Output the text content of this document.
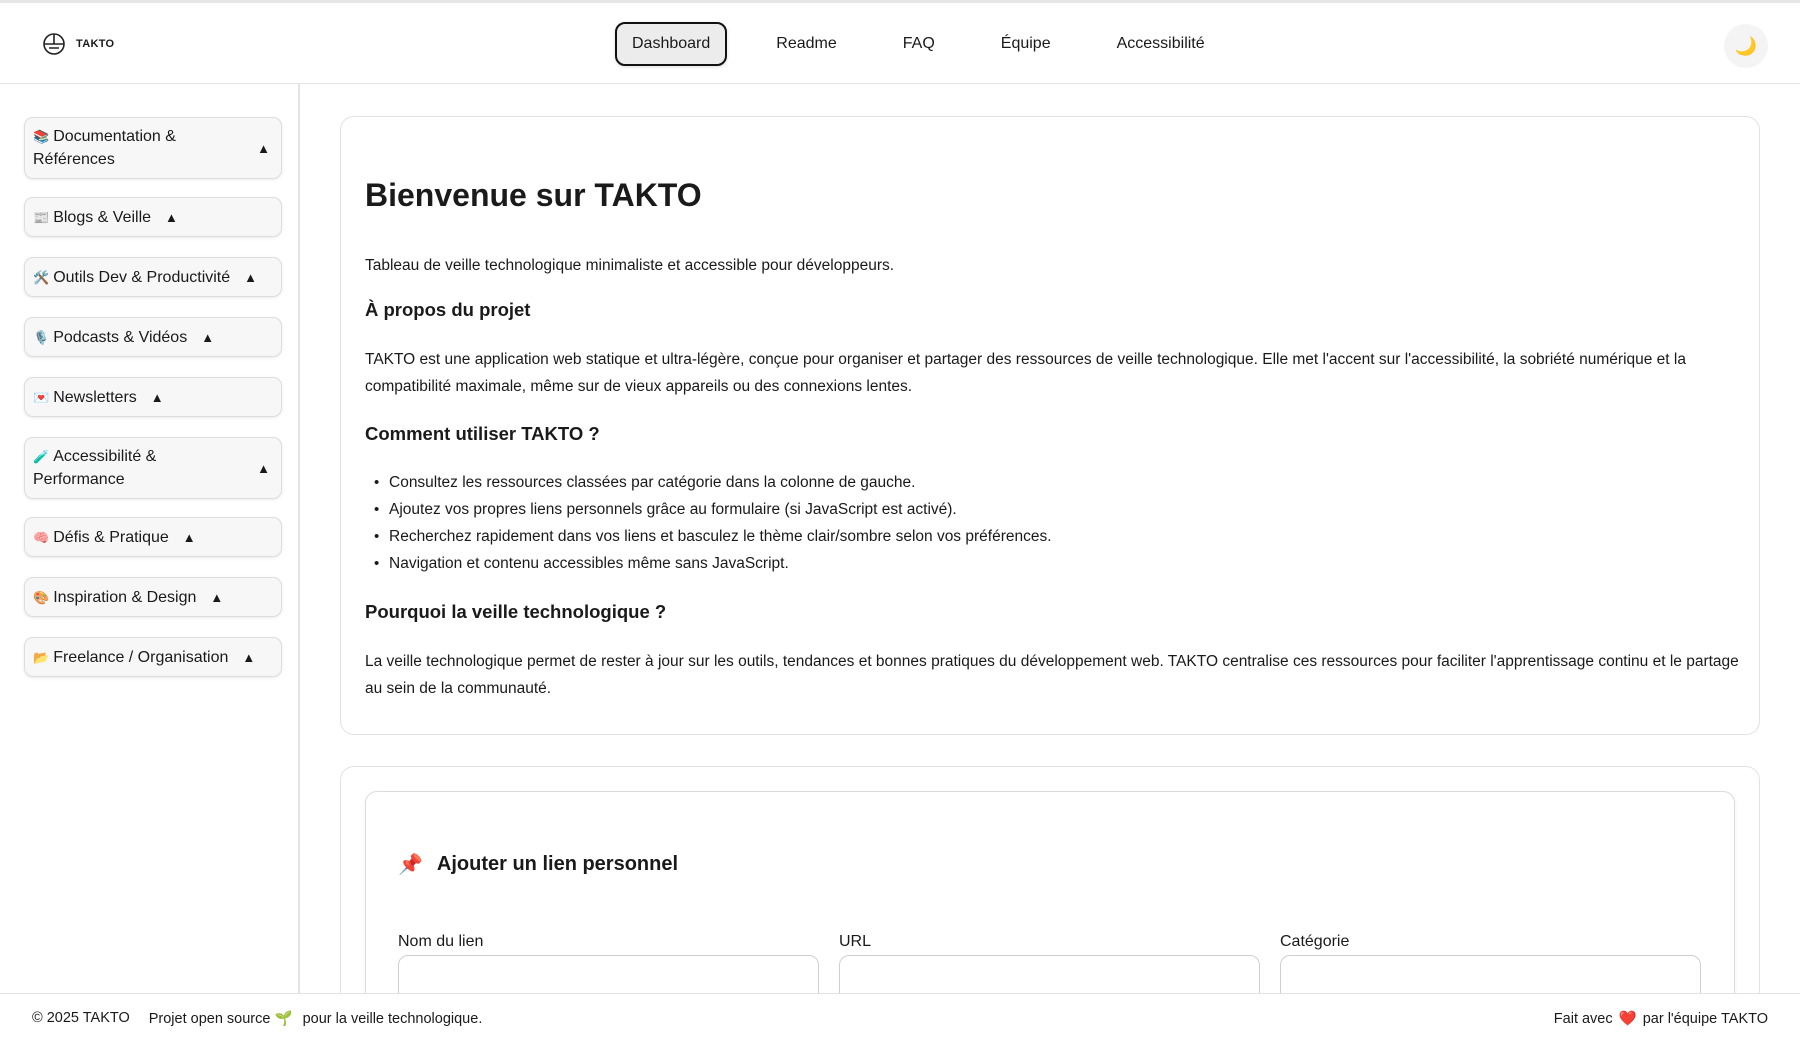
TAKTO	Dashboard	Readme	FAQ	Équipe	Accessibilité	🌙
📚 Documentation & Références
▲
📰 Blogs & Veille ▲
🛠️ Outils Dev & Productivité ▲
🎙️ Podcasts & Vidéos ▲
💌 Newsletters ▲
🧪 Accessibilité & Performance
▲
🧠 Défis & Pratique ▲
🎨 Inspiration & Design ▲
📂 Freelance / Organisation ▲
Bienvenue sur TAKTO

Tableau de veille technologique minimaliste et accessible pour développeurs.

À propos du projet

TAKTO est une application web statique et ultra-légère, conçue pour organiser et partager des ressources de veille technologique. Elle met l'accent sur l'accessibilité, la sobriété numérique et la compatibilité maximale, même sur de vieux appareils ou des connexions lentes.

Comment utiliser TAKTO ?
• Consultez les ressources classées par catégorie dans la colonne de gauche.
• Ajoutez vos propres liens personnels grâce au formulaire (si JavaScript est activé).
• Recherchez rapidement dans vos liens et basculez le thème clair/sombre selon vos préférences.
• Navigation et contenu accessibles même sans JavaScript.
Pourquoi la veille technologique ?

La veille technologique permet de rester à jour sur les outils, tendances et bonnes pratiques du développement web. TAKTO centralise ces ressources pour faciliter l'apprentissage continu et le partage au sein de la communauté.

📌 Ajouter un lien personnel
Nom du lien	URL	Catégorie
© 2025 TAKTO Projet open source 🌱 pour la veille technologique.	Fait avec ❤️ par l'équipe TAKTO
